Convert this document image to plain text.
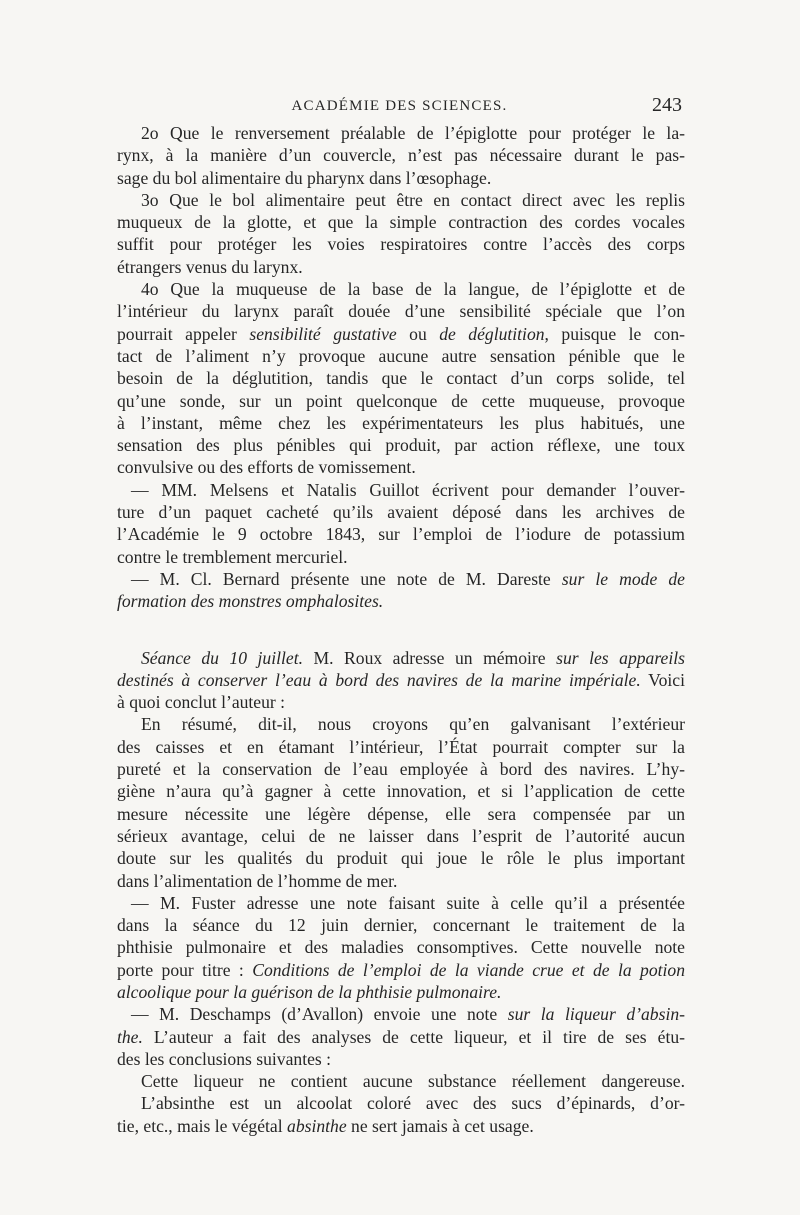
ACADÉMIE DES SCIENCES.	243
2o Que le renversement préalable de l’épiglotte pour protéger le la-
rynx, à la manière d’un couvercle, n’est pas nécessaire durant le pas-
sage du bol alimentaire du pharynx dans l’œsophage.
3o Que le bol alimentaire peut être en contact direct avec les replis
muqueux de la glotte, et que la simple contraction des cordes vocales
suffit pour protéger les voies respiratoires contre l’accès des corps
étrangers venus du larynx.
4o Que la muqueuse de la base de la langue, de l’épiglotte et de
l’intérieur du larynx paraît douée d’une sensibilité spéciale que l’on
pourrait appeler sensibilité gustative ou de déglutition, puisque le con-
tact de l’aliment n’y provoque aucune autre sensation pénible que le
besoin de la déglutition, tandis que le contact d’un corps solide, tel
qu’une sonde, sur un point quelconque de cette muqueuse, provoque
à l’instant, même chez les expérimentateurs les plus habitués, une
sensation des plus pénibles qui produit, par action réflexe, une toux
convulsive ou des efforts de vomissement.
— MM. Melsens et Natalis Guillot écrivent pour demander l’ouver-
ture d’un paquet cacheté qu’ils avaient déposé dans les archives de
l’Académie le 9 octobre 1843, sur l’emploi de l’iodure de potassium
contre le tremblement mercuriel.
— M. Cl. Bernard présente une note de M. Dareste sur le mode de
formation des monstres omphalosites.
Séance du 10 juillet. M. Roux adresse un mémoire sur les appareils
destinés à conserver l’eau à bord des navires de la marine impériale. Voici
à quoi conclut l’auteur :
En résumé, dit-il, nous croyons qu’en galvanisant l’extérieur
des caisses et en étamant l’intérieur, l’État pourrait compter sur la
pureté et la conservation de l’eau employée à bord des navires. L’hy-
giène n’aura qu’à gagner à cette innovation, et si l’application de cette
mesure nécessite une légère dépense, elle sera compensée par un
sérieux avantage, celui de ne laisser dans l’esprit de l’autorité aucun
doute sur les qualités du produit qui joue le rôle le plus important
dans l’alimentation de l’homme de mer.
— M. Fuster adresse une note faisant suite à celle qu’il a présentée
dans la séance du 12 juin dernier, concernant le traitement de la
phthisie pulmonaire et des maladies consomptives. Cette nouvelle note
porte pour titre : Conditions de l’emploi de la viande crue et de la potion
alcoolique pour la guérison de la phthisie pulmonaire.
— M. Deschamps (d’Avallon) envoie une note sur la liqueur d’absin-
the. L’auteur a fait des analyses de cette liqueur, et il tire de ses étu-
des les conclusions suivantes :
Cette liqueur ne contient aucune substance réellement dangereuse.
L’absinthe est un alcoolat coloré avec des sucs d’épinards, d’or-
tie, etc., mais le végétal absinthe ne sert jamais à cet usage.
